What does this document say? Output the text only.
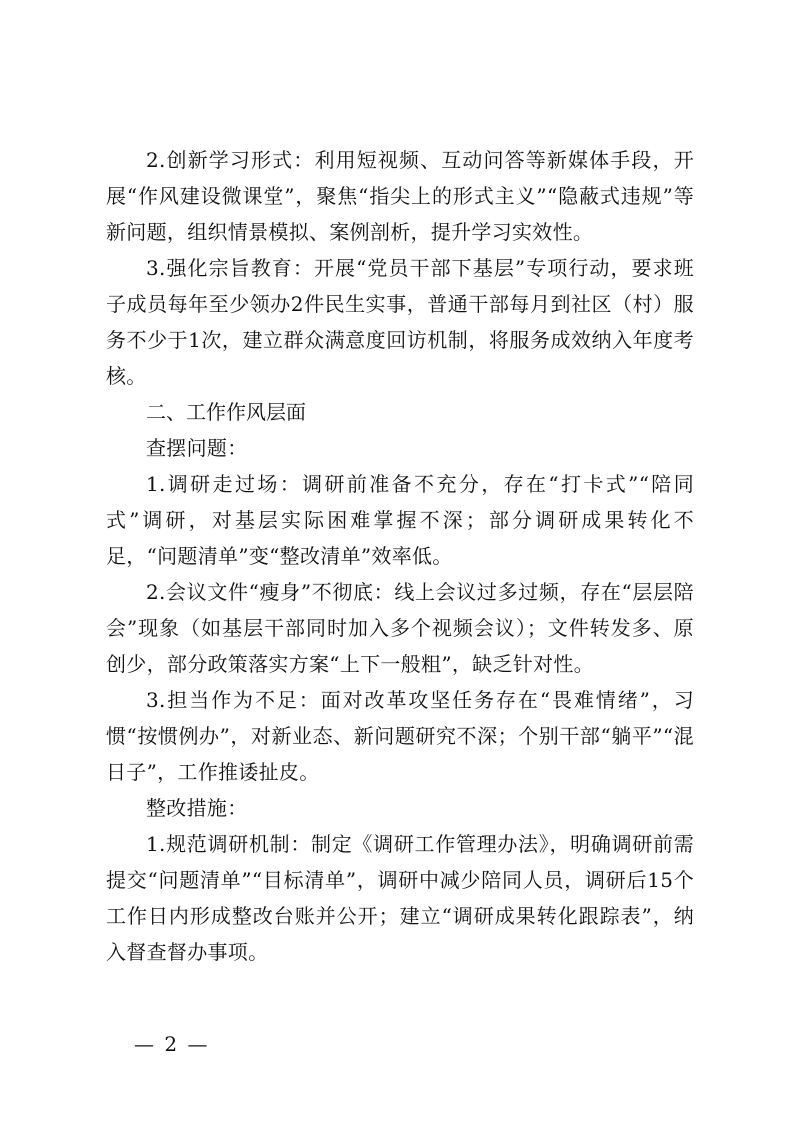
2.创新学习形式：利用短视频、互动问答等新媒体手段，开展“作风建设微课堂”，聚焦“指尖上的形式主义”“隐蔽式违规”等新问题，组织情景模拟、案例剖析，提升学习实效性。

3.强化宗旨教育：开展“党员干部下基层”专项行动，要求班子成员每年至少领办2件民生实事，普通干部每月到社区（村）服务不少于1次，建立群众满意度回访机制，将服务成效纳入年度考核。

二、工作作风层面

查摆问题：

1.调研走过场：调研前准备不充分，存在“打卡式”“陪同式”调研，对基层实际困难掌握不深；部分调研成果转化不足，“问题清单”变“整改清单”效率低。

2.会议文件“瘦身”不彻底：线上会议过多过频，存在“层层陪会”现象（如基层干部同时加入多个视频会议）；文件转发多、原创少，部分政策落实方案“上下一般粗”，缺乏针对性。

3.担当作为不足：面对改革攻坚任务存在“畏难情绪”，习惯“按惯例办”，对新业态、新问题研究不深；个别干部“躺平”“混日子”，工作推诿扯皮。

整改措施：

1.规范调研机制：制定《调研工作管理办法》，明确调研前需提交“问题清单”“目标清单”，调研中减少陪同人员，调研后15个工作日内形成整改台账并公开；建立“调研成果转化跟踪表”，纳入督查督办事项。

— 2 —
